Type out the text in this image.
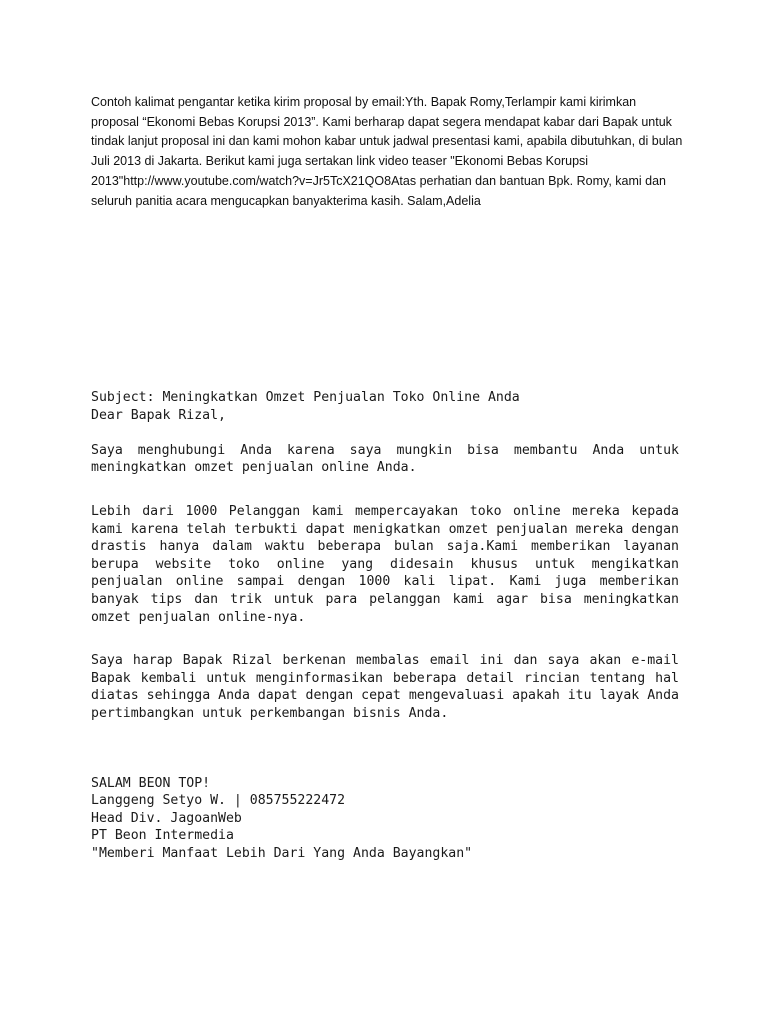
Contoh kalimat pengantar ketika kirim proposal by email:Yth. Bapak Romy,Terlampir kami kirimkan proposal “Ekonomi Bebas Korupsi 2013”. Kami berharap dapat segera mendapat kabar dari Bapak untuk tindak lanjut proposal ini dan kami mohon kabar untuk jadwal presentasi kami, apabila dibutuhkan, di bulan Juli 2013 di Jakarta. Berikut kami juga sertakan link video teaser "Ekonomi Bebas Korupsi 2013"http://www.youtube.com/watch?v=Jr5TcX21QO8Atas perhatian dan bantuan Bpk. Romy, kami dan seluruh panitia acara mengucapkan banyakterima kasih. Salam,Adelia
Subject: Meningkatkan Omzet Penjualan Toko Online Anda
Dear Bapak Rizal,

Saya menghubungi Anda karena saya mungkin bisa membantu Anda untuk meningkatkan omzet penjualan online Anda.

Lebih dari 1000 Pelanggan kami mempercayakan toko online mereka kepada kami karena telah terbukti dapat menigkatkan omzet penjualan mereka dengan drastis hanya dalam waktu beberapa bulan saja.Kami memberikan layanan berupa website toko online yang didesain khusus untuk mengikatkan penjualan online sampai dengan 1000 kali lipat. Kami juga memberikan banyak tips dan trik untuk para pelanggan kami agar bisa meningkatkan omzet penjualan online-nya.

Saya harap Bapak Rizal berkenan membalas email ini dan saya akan e-mail Bapak kembali untuk menginformasikan beberapa detail rincian tentang hal diatas sehingga Anda dapat dengan cepat mengevaluasi apakah itu layak Anda pertimbangkan untuk perkembangan bisnis Anda.

SALAM BEON TOP!
Langgeng Setyo W. | 085755222472
Head Div. JagoanWeb
PT Beon Intermedia
"Memberi Manfaat Lebih Dari Yang Anda Bayangkan"
